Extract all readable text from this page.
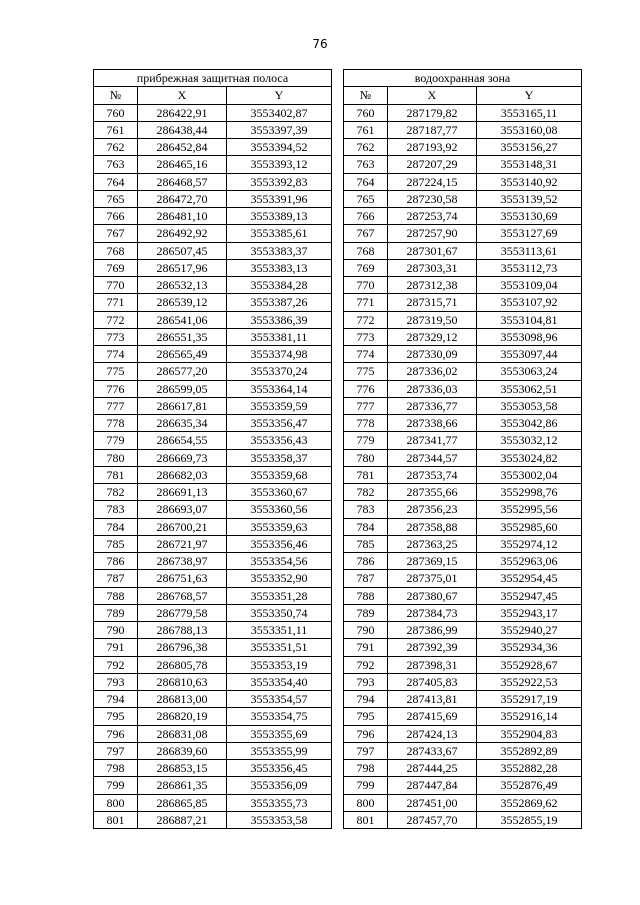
76
прибрежная защитная полоса		
№	X	Y
760	286422,91	3553402,87
761	286438,44	3553397,39
762	286452,84	3553394,52
763	286465,16	3553393,12
764	286468,57	3553392,83
765	286472,70	3553391,96
766	286481,10	3553389,13
767	286492,92	3553385,61
768	286507,45	3553383,37
769	286517,96	3553383,13
770	286532,13	3553384,28
771	286539,12	3553387,26
772	286541,06	3553386,39
773	286551,35	3553381,11
774	286565,49	3553374,98
775	286577,20	3553370,24
776	286599,05	3553364,14
777	286617,81	3553359,59
778	286635,34	3553356,47
779	286654,55	3553356,43
780	286669,73	3553358,37
781	286682,03	3553359,68
782	286691,13	3553360,67
783	286693,07	3553360,56
784	286700,21	3553359,63
785	286721,97	3553356,46
786	286738,97	3553354,56
787	286751,63	3553352,90
788	286768,57	3553351,28
789	286779,58	3553350,74
790	286788,13	3553351,11
791	286796,38	3553351,51
792	286805,78	3553353,19
793	286810,63	3553354,40
794	286813,00	3553354,57
795	286820,19	3553354,75
796	286831,08	3553355,69
797	286839,60	3553355,99
798	286853,15	3553356,45
799	286861,35	3553356,09
800	286865,85	3553355,73
801	286887,21	3553353,58
водоохранная зона		
№	X	Y
760	287179,82	3553165,11
761	287187,77	3553160,08
762	287193,92	3553156,27
763	287207,29	3553148,31
764	287224,15	3553140,92
765	287230,58	3553139,52
766	287253,74	3553130,69
767	287257,90	3553127,69
768	287301,67	3553113,61
769	287303,31	3553112,73
770	287312,38	3553109,04
771	287315,71	3553107,92
772	287319,50	3553104,81
773	287329,12	3553098,96
774	287330,09	3553097,44
775	287336,02	3553063,24
776	287336,03	3553062,51
777	287336,77	3553053,58
778	287338,66	3553042,86
779	287341,77	3553032,12
780	287344,57	3553024,82
781	287353,74	3553002,04
782	287355,66	3552998,76
783	287356,23	3552995,56
784	287358,88	3552985,60
785	287363,25	3552974,12
786	287369,15	3552963,06
787	287375,01	3552954,45
788	287380,67	3552947,45
789	287384,73	3552943,17
790	287386,99	3552940,27
791	287392,39	3552934,36
792	287398,31	3552928,67
793	287405,83	3552922,53
794	287413,81	3552917,19
795	287415,69	3552916,14
796	287424,13	3552904,83
797	287433,67	3552892,89
798	287444,25	3552882,28
799	287447,84	3552876,49
800	287451,00	3552869,62
801	287457,70	3552855,19
